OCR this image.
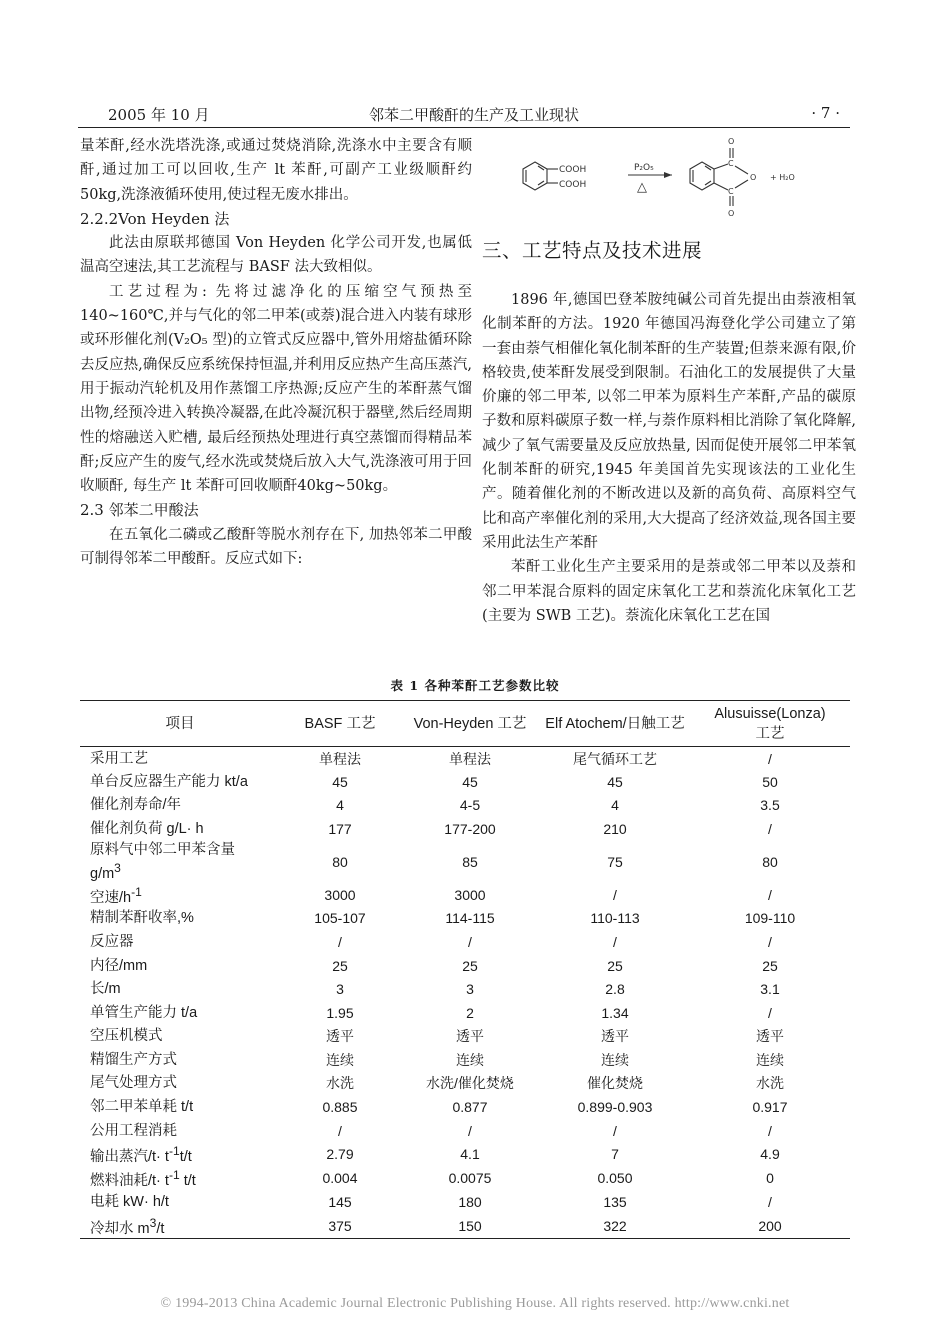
2005 年 10 月	邻苯二甲酸酐的生产及工业现状	· 7 ·

量苯酐,经水洗塔洗涤,或通过焚烧消除,洗涤水中主要含有顺酐,通过加工可以回收,生产 lt 苯酐,可副产工业级顺酐约 50kg,洗涤液循环使用,使过程无废水排出。

2.2.2Von Heyden 法

此法由原联邦德国 Von Heyden 化学公司开发,也属低温高空速法,其工艺流程与 BASF 法大致相似。

工艺过程为: 先将过滤净化的压缩空气预热至140~160℃,并与气化的邻二甲苯(或萘)混合进入内装有球形或环形催化剂(V₂O₅ 型)的立管式反应器中,管外用熔盐循环除去反应热,确保反应系统保持恒温,并利用反应热产生高压蒸汽, 用于振动汽轮机及用作蒸馏工序热源;反应产生的苯酐蒸气馏出物,经预冷进入转换冷凝器,在此冷凝沉积于器壁,然后经周期性的熔融送入贮槽, 最后经预热处理进行真空蒸馏而得精品苯酐;反应产生的废气,经水洗或焚烧后放入大气,洗涤液可用于回收顺酐, 每生产 lt 苯酐可回收顺酐40kg~50kg。

2.3 邻苯二甲酸法

在五氧化二磷或乙酸酐等脱水剂存在下, 加热邻苯二甲酸可制得邻苯二甲酸酐。反应式如下:

COOH
COOH
P₂O₅
△
O
C
O
C
O
+ H₂O

三、工艺特点及技术进展

1896 年,德国巴登苯胺纯碱公司首先提出由萘液相氧化制苯酐的方法。1920 年德国冯海登化学公司建立了第一套由萘气相催化氧化制苯酐的生产装置;但萘来源有限,价格较贵,使苯酐发展受到限制。石油化工的发展提供了大量价廉的邻二甲苯, 以邻二甲苯为原料生产苯酐,产品的碳原子数和原料碳原子数一样,与萘作原料相比消除了氧化降解, 减少了氧气需要量及反应放热量, 因而促使开展邻二甲苯氧化制苯酐的研究,1945 年美国首先实现该法的工业化生产。随着催化剂的不断改进以及新的高负荷、高原料空气比和高产率催化剂的采用,大大提高了经济效益,现各国主要采用此法生产苯酐

苯酐工业化生产主要采用的是萘或邻二甲苯以及萘和邻二甲苯混合原料的固定床氧化工艺和萘流化床氧化工艺(主要为 SWB 工艺)。萘流化床氧化工艺在国

表 1 各种苯酐工艺参数比较
项目	BASF 工艺	Von-Heyden 工艺	Elf Atochem/日触工艺	Alusuisse(Lonza)
工艺
采用工艺	单程法	单程法	尾气循环工艺	/
单台反应器生产能力 kt/a	45	45	45	50
催化剂寿命/年	4	4-5	4	3.5
催化剂负荷 g/L· h	177	177-200	210	/
原料气中邻二甲苯含量
$g/m^3$	80	85	75	80
空速$/h^{-1}$	3000	3000	/	/
精制苯酐收率,%	105-107	114-115	110-113	109-110
反应器	/	/	/	/
内径/mm	25	25	25	25
长/m	3	3	2.8	3.1
单管生产能力 t/a	1.95	2	1.34	/
空压机模式	透平	透平	透平	透平
精馏生产方式	连续	连续	连续	连续
尾气处理方式	水洗	水洗/催化焚烧	催化焚烧	水洗
邻二甲苯单耗 t/t	0.885	0.877	0.899-0.903	0.917
公用工程消耗	/	/	/	/
输出蒸汽$/t\cdot t^{-1}t/t$	2.79	4.1	7	4.9
燃料油耗$/t\cdot t^{-1}$ t/t	0.004	0.0075	0.050	0
电耗 kW· h/t	145	180	135	/
冷却水 $m^3/t$	375	150	322	200
© 1994-2013 China Academic Journal Electronic Publishing House. All rights reserved. http://www.cnki.net
